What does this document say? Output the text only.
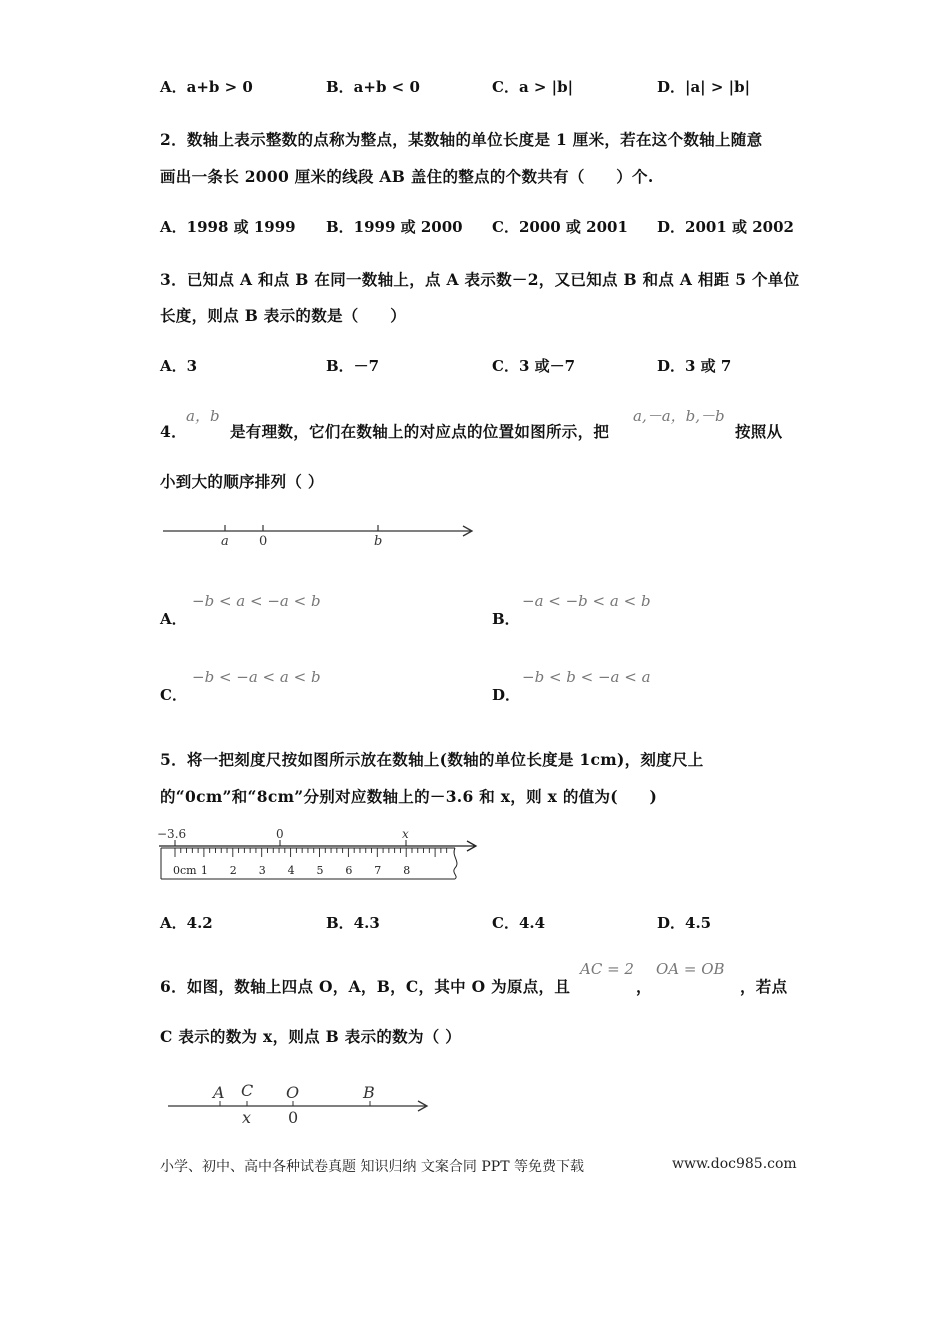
A．a+b > 0	B．a+b < 0	C．a > |b|	D．|a| > |b|
2．数轴上表示整数的点称为整点，某数轴的单位长度是 1 厘米，若在这个数轴上随意
画出一条长 2000 厘米的线段 AB 盖住的整点的个数共有（　　）个.
A．1998 或 1999 B．1999 或 2000 C．2000 或 2001 D．2001 或 2002
3．已知点 A 和点 B 在同一数轴上，点 A 表示数－2，又已知点 B 和点 A 相距 5 个单位
长度，则点 B 表示的数是（　　）
A．3	B．－7	C．3 或－7	D．3 或 7
4．
a，b
是有理数，它们在数轴上的对应点的位置如图所示，把
a,－a，b,－b
按照从
小到大的顺序排列（ ）
a 0	b
A．
−b < a < −a < b
B．
−a < −b < a < b
C．
−b < −a < a < b
D．
−b < b < −a < a
5．将一把刻度尺按如图所示放在数轴上(数轴的单位长度是 1cm)，刻度尺上
的“0cm”和“8cm”分别对应数轴上的－3.6 和 x，则 x 的值为(　　)
−3.6	0	x
0cm 1 2 3 4 5 6 7 8
A．4.2	B．4.3	C．4.4	D．4.5
6．如图，数轴上四点 O，A，B，C，其中 O 为原点，且
AC = 2
，
OA = OB
，若点
C 表示的数为 x，则点 B 表示的数为（ ）
A C O	B
x 0
小学、初中、高中各种试卷真题 知识归纳 文案合同 PPT 等免费下载	www.doc985.com
